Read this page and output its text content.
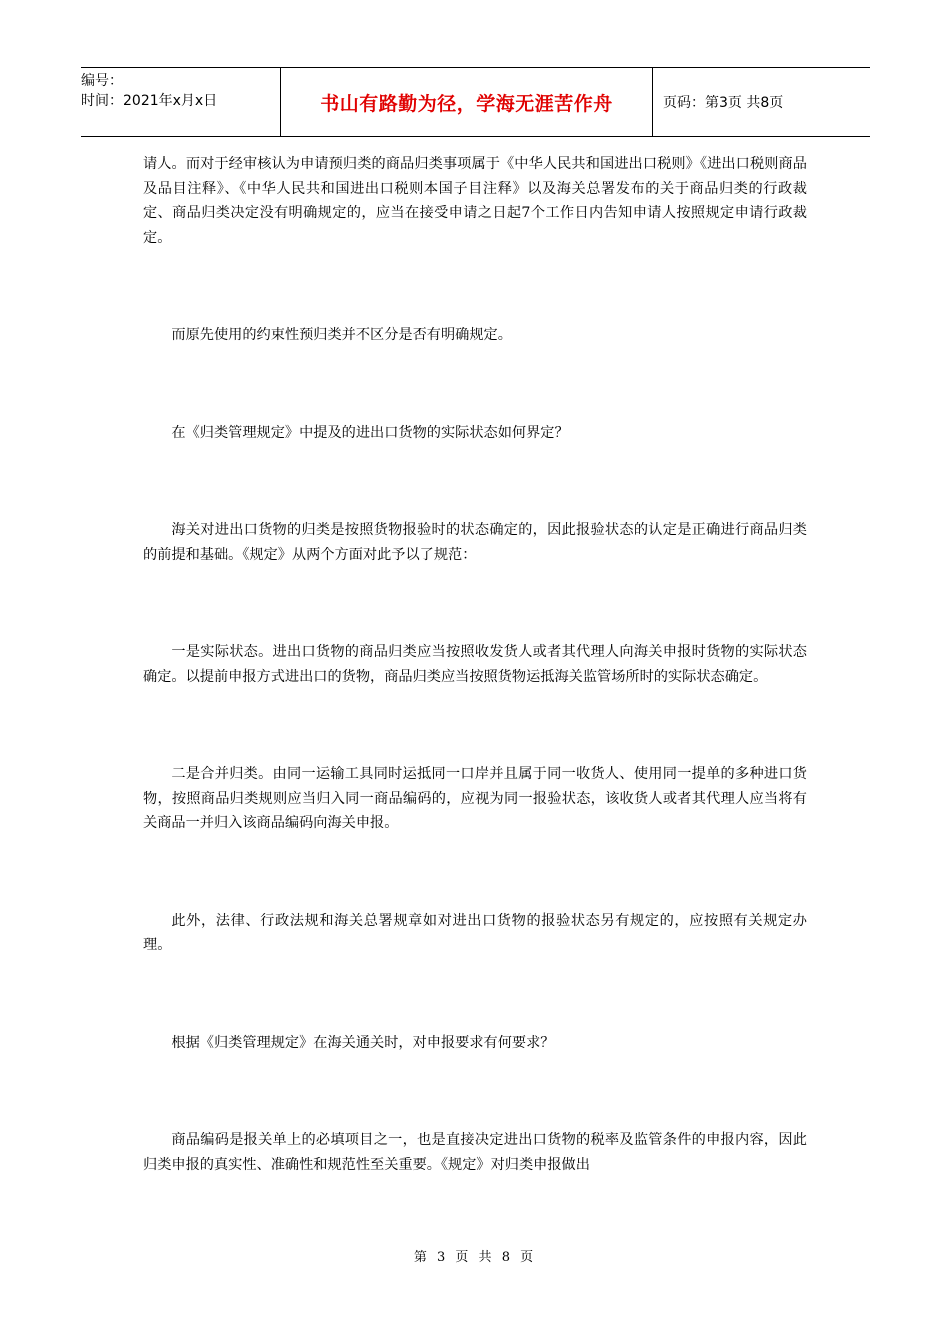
编号：
时间：2021年x月x日	书山有路勤为径，学海无涯苦作舟	页码：第3页 共8页

请人。而对于经审核认为申请预归类的商品归类事项属于《中华人民共和国进出口税则》《进出口税则商品及品目注释》、《中华人民共和国进出口税则本国子目注释》以及海关总署发布的关于商品归类的行政裁定、商品归类决定没有明确规定的，应当在接受申请之日起7个工作日内告知申请人按照规定申请行政裁定。

而原先使用的约束性预归类并不区分是否有明确规定。

在《归类管理规定》中提及的进出口货物的实际状态如何界定？

海关对进出口货物的归类是按照货物报验时的状态确定的，因此报验状态的认定是正确进行商品归类的前提和基础。《规定》从两个方面对此予以了规范：

一是实际状态。进出口货物的商品归类应当按照收发货人或者其代理人向海关申报时货物的实际状态确定。以提前申报方式进出口的货物，商品归类应当按照货物运抵海关监管场所时的实际状态确定。

二是合并归类。由同一运输工具同时运抵同一口岸并且属于同一收货人、使用同一提单的多种进口货物，按照商品归类规则应当归入同一商品编码的，应视为同一报验状态，该收货人或者其代理人应当将有关商品一并归入该商品编码向海关申报。

此外，法律、行政法规和海关总署规章如对进出口货物的报验状态另有规定的，应按照有关规定办理。

根据《归类管理规定》在海关通关时，对申报要求有何要求？

商品编码是报关单上的必填项目之一，也是直接决定进出口货物的税率及监管条件的申报内容，因此归类申报的真实性、准确性和规范性至关重要。《规定》对归类申报做出

第 3 页 共 8 页
